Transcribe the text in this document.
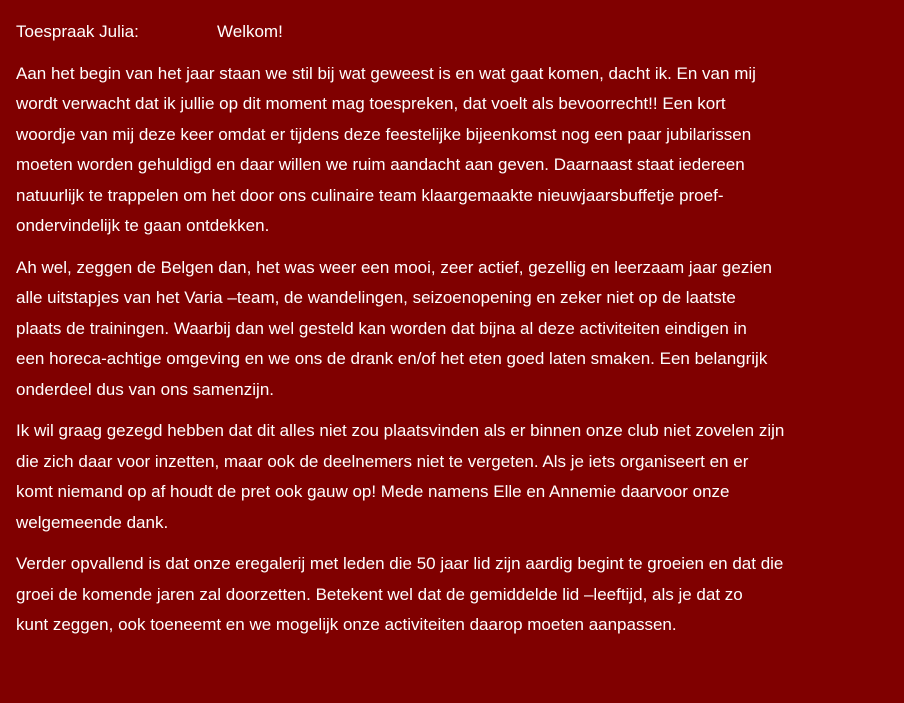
Toespraak Julia:	Welkom!
Aan het begin van het jaar staan we stil bij wat geweest is en wat gaat komen, dacht ik. En van mij
wordt verwacht dat ik jullie op dit moment mag toespreken, dat voelt als bevoorrecht!! Een kort
woordje van mij deze keer omdat er tijdens deze feestelijke bijeenkomst nog een paar jubilarissen
moeten worden gehuldigd en daar willen we ruim aandacht aan geven. Daarnaast staat iedereen
natuurlijk te trappelen om het door ons culinaire team klaargemaakte nieuwjaarsbuffetje proef-
ondervindelijk te gaan ontdekken.
Ah wel, zeggen de Belgen dan, het was weer een mooi, zeer actief, gezellig en leerzaam jaar gezien
alle uitstapjes van het Varia –team, de wandelingen, seizoenopening en zeker niet op de laatste
plaats de trainingen. Waarbij dan wel gesteld kan worden dat bijna al deze activiteiten eindigen in
een horeca-achtige omgeving en we ons de drank en/of het eten goed laten smaken. Een belangrijk
onderdeel dus van ons samenzijn.
Ik wil graag gezegd hebben dat dit alles niet zou plaatsvinden als er binnen onze club niet zovelen zijn
die zich daar voor inzetten, maar ook de deelnemers niet te vergeten. Als je iets organiseert en er
komt niemand op af houdt de pret ook gauw op! Mede namens Elle en Annemie daarvoor onze
welgemeende dank.
Verder opvallend is dat onze eregalerij met leden die 50 jaar lid zijn aardig begint te groeien en dat die
groei de komende jaren zal doorzetten. Betekent wel dat de gemiddelde lid –leeftijd, als je dat zo
kunt zeggen, ook toeneemt en we mogelijk onze activiteiten daarop moeten aanpassen.
